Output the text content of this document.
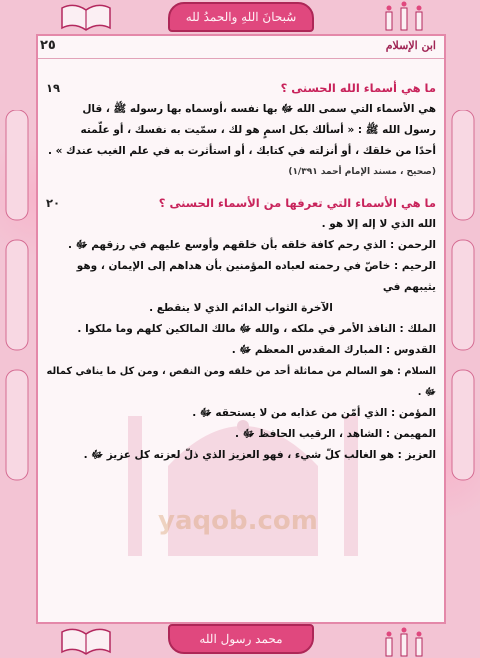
سُبحانَ اللهِ والحمدُ لله
٢٥	ابن الإسلام
ما هي أسماء الله الحسنى ؟
١٩
هي الأسماء التي سمى الله ﷻ بها نفسه ،أوسماه بها رسوله ﷺ ، قال
رسول الله ﷺ : « أسألك بكل اسمٍ هو لك ، سمّيت به نفسك ، أو علّمته
أحدًا من خلقك ، أو أنزلته في كتابك ، أو استأثرت به في علم الغيب عندك » .
(صحيح ، مسند الإمام أحمد ١/٣٩١)
ما هي الأسماء التي تعرفها من الأسماء الحسنى ؟
٢٠
الله الذي لا إله إلا هو .
الرحمن : الذي رحم كافة خلقه بأن خلقهم وأوسع عليهم في رزقهم ﷻ .
الرحيم : خاصّ في رحمته لعباده المؤمنين بأن هداهم إلى الإيمان ، وهو يثيبهم في
الآخرة الثواب الدائم الذي لا ينقطع .
الملك : النافذ الأمر في ملكه ، والله ﷻ مالك المالكين كلهم وما ملكوا .
القدوس : المبارك المقدس المعظم ﷻ .
السلام : هو السالم من مماثلة أحد من خلقه ومن النقص ، ومن كل ما ينافي كماله ﷻ .
المؤمن : الذي أمّن من عذابه من لا يستحقه ﷻ .
المهيمن : الشاهد ، الرقيب الحافظ ﷻ .
العزيز : هو الغالب كلّ شيء ، فهو العزيز الذي ذلّ لعزته كل عزيز ﷻ .
yaqob.com
محمد رسول الله
